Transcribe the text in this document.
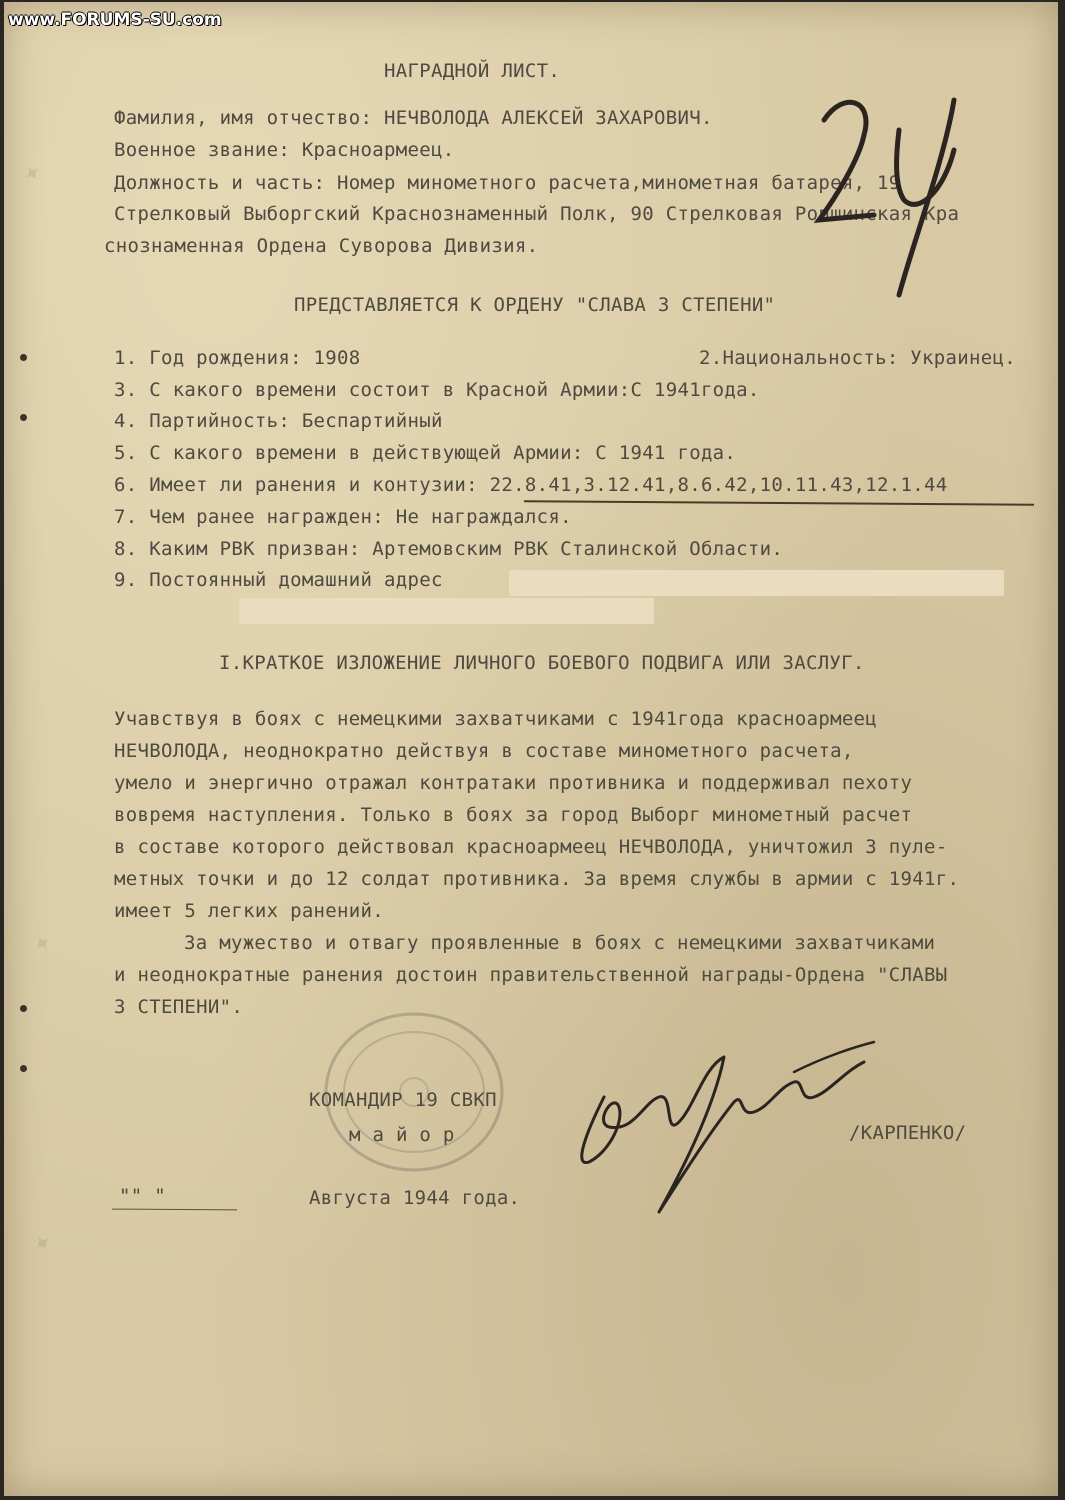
✦
✦
✦
НАГРАДНОЙ ЛИСТ.
Фамилия, имя отчество: НЕЧВОЛОДА АЛЕКСЕЙ ЗАХАРОВИЧ.
Военное звание: Красноармеец.
Должность и часть: Номер минометного расчета,минометная батарея, 19
Стрелковый Выборгский Краснознаменный Полк, 90 Стрелковая Ропшинская Кра
снознаменная Ордена Суворова Дивизия.
ПРЕДСТАВЛЯЕТСЯ К ОРДЕНУ "СЛАВА 3 СТЕПЕНИ"
1. Год рождения: 1908	2.Национальность: Украинец.
3. С какого времени состоит в Красной Армии:С 1941года.
4. Партийность: Беспартийный
5. С какого времени в действующей Армии: С 1941 года.
6. Имеет ли ранения и контузии: 22.8.41,3.12.41,8.6.42,10.11.43,12.1.44
7. Чем ранее награжден: Не награждался.
8. Каким РВК призван: Артемовским РВК Сталинской Области.
9. Постоянный домашний адрес
I.КРАТКОЕ ИЗЛОЖЕНИЕ ЛИЧНОГО БОЕВОГО ПОДВИГА ИЛИ ЗАСЛУГ.
Учавствуя в боях с немецкими захватчиками с 1941года красноармеец
НЕЧВОЛОДА, неоднократно действуя в составе минометного расчета,
умело и энергично отражал контратаки противника и поддерживал пехоту
вовремя наступления. Только в боях за город Выборг минометный расчет
в составе которого действовал красноармеец НЕЧВОЛОДА, уничтожил 3 пуле-
метных точки и до 12 солдат противника. За время службы в армии с 1941г.
имеет 5 легких ранений.
За мужество и отвагу проявленные в боях с немецкими захватчиками
и неоднократные ранения достоин правительственной награды-Ордена "СЛАВЫ
3 СТЕПЕНИ".
КОМАНДИР 19 СВКП
м а й о р	/КАРПЕНКО/
"" "	Августа 1944 года.
www.FORUMS-SU.com
